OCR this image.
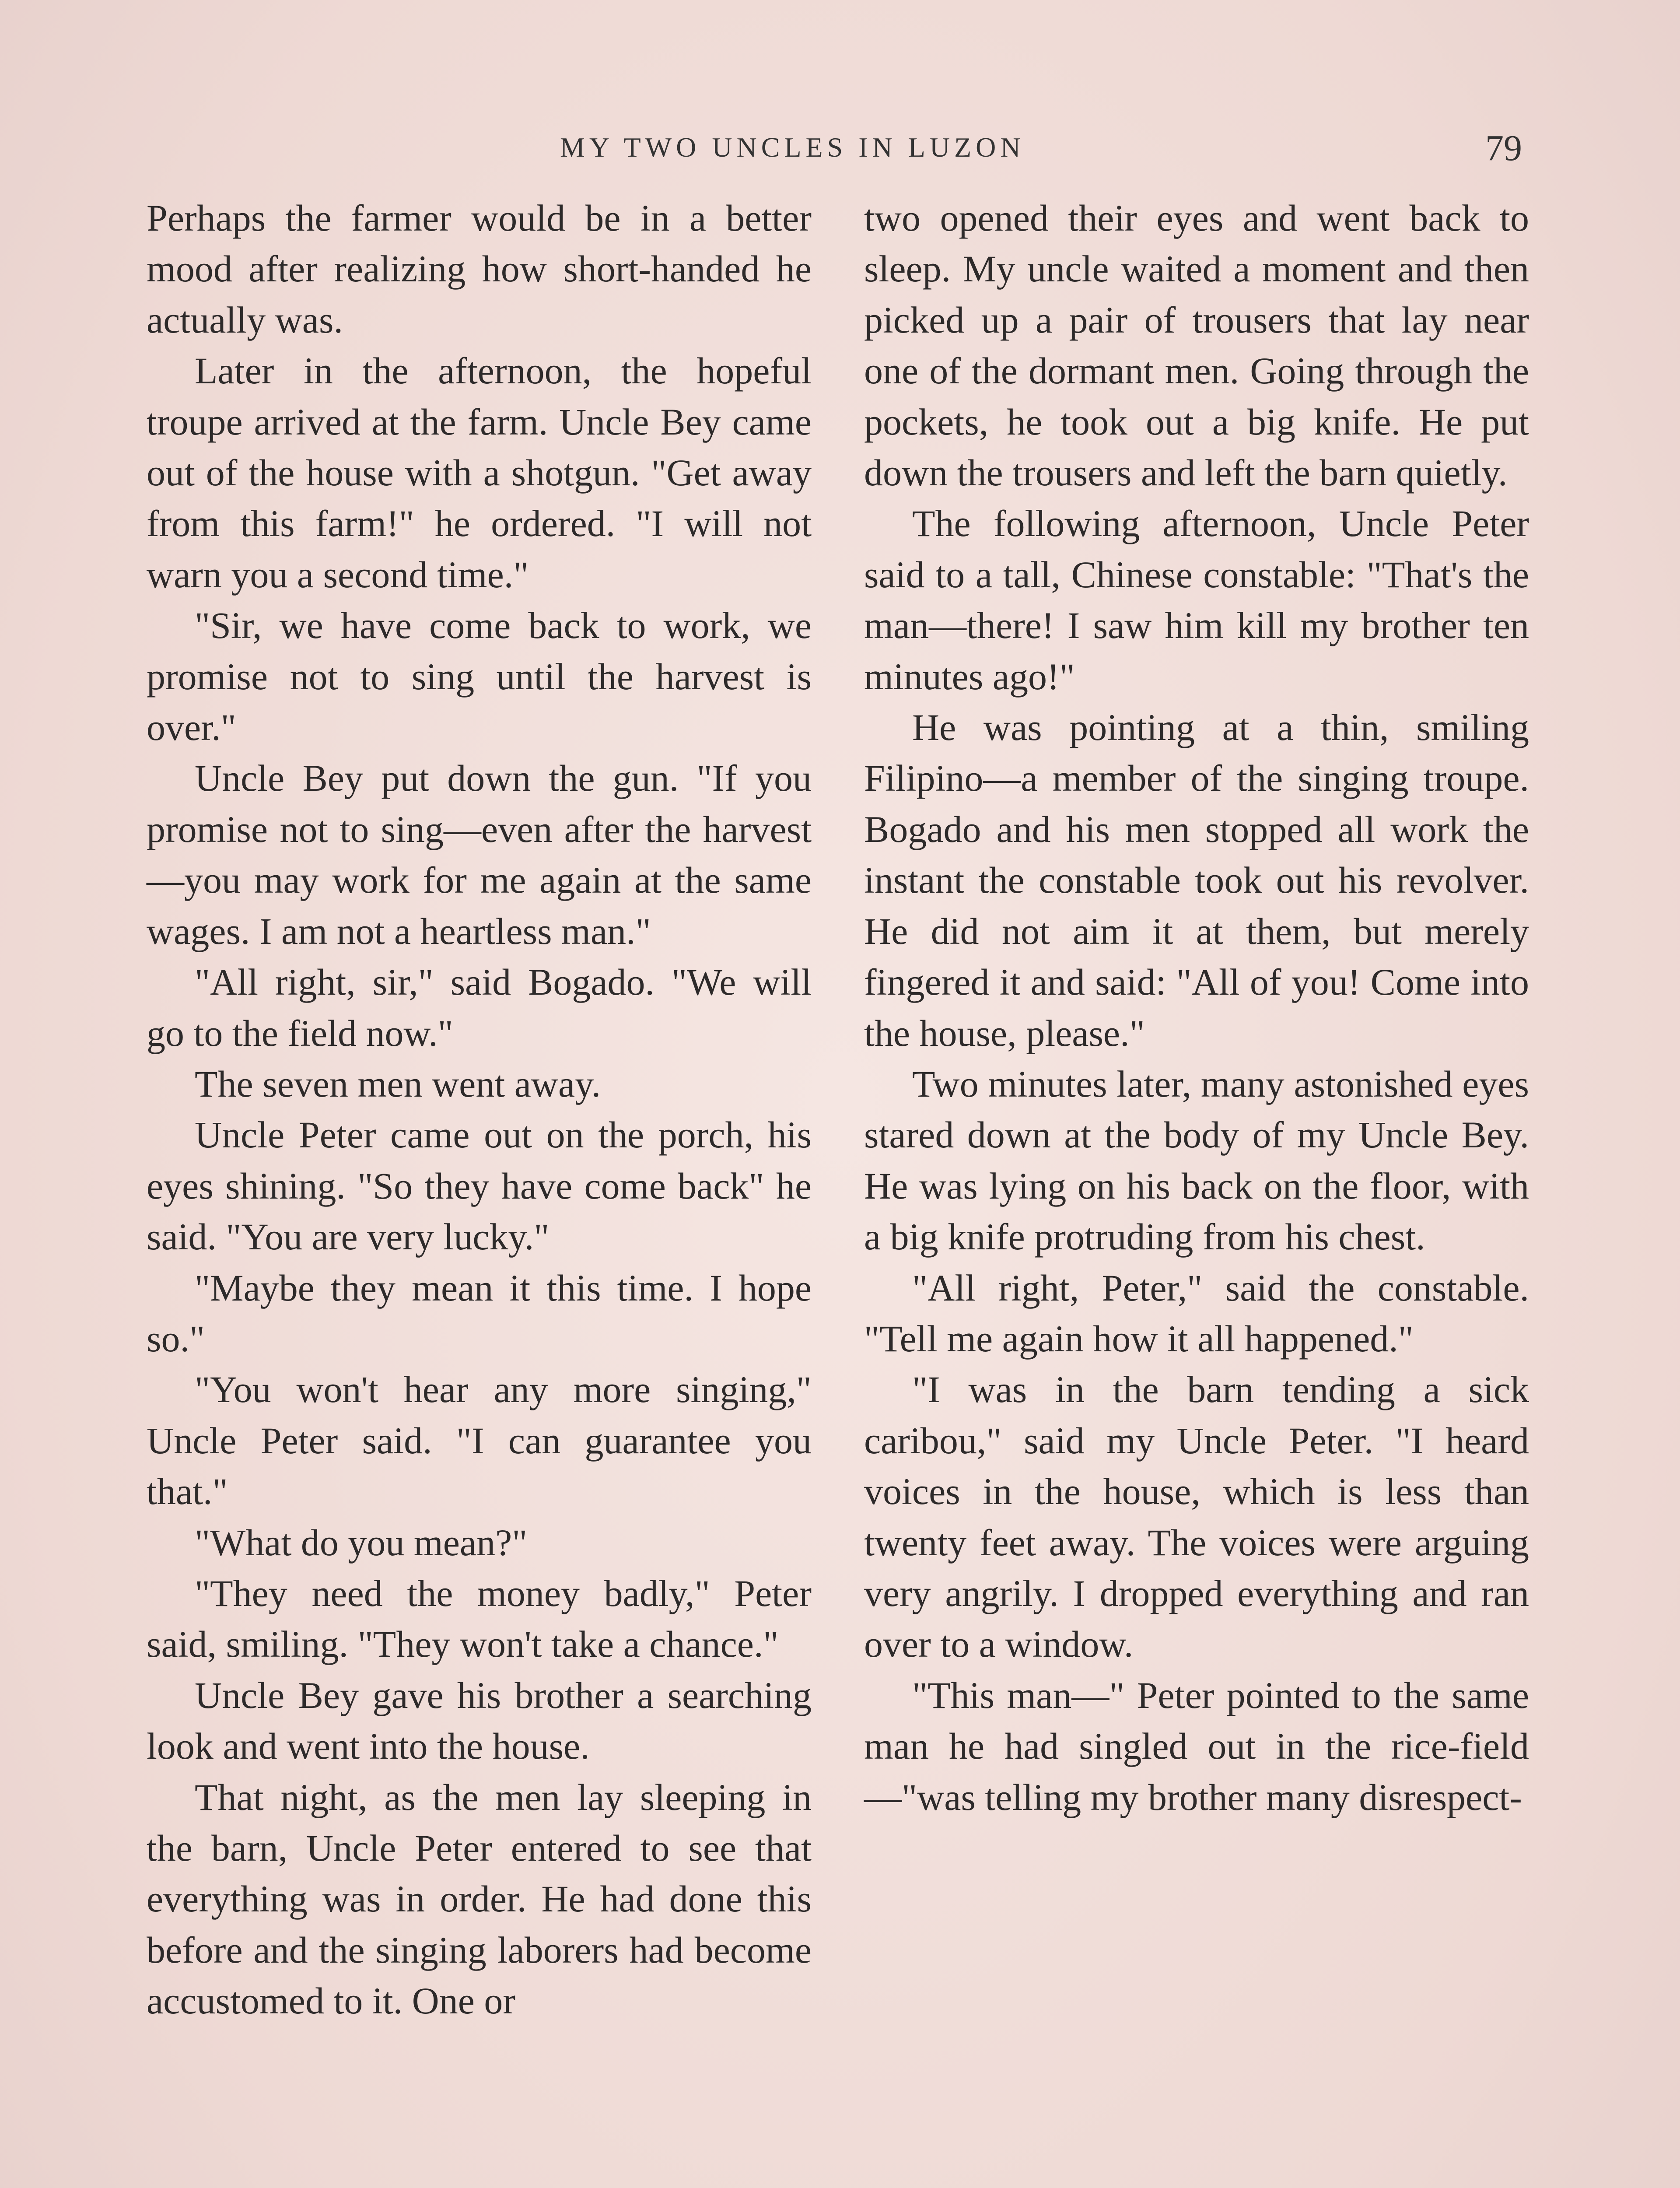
MY TWO UNCLES IN LUZON	79

Perhaps the farmer would be in a better mood after realizing how short-handed he actually was.

Later in the afternoon, the hopeful troupe arrived at the farm. Uncle Bey came out of the house with a shotgun. "Get away from this farm!" he ordered. "I will not warn you a second time."

"Sir, we have come back to work, we promise not to sing until the harvest is over."

Uncle Bey put down the gun. "If you promise not to sing—even after the harvest—you may work for me again at the same wages. I am not a heartless man."

"All right, sir," said Bogado. "We will go to the field now."

The seven men went away.

Uncle Peter came out on the porch, his eyes shining. "So they have come back" he said. "You are very lucky."

"Maybe they mean it this time. I hope so."

"You won't hear any more singing," Uncle Peter said. "I can guarantee you that."

"What do you mean?"

"They need the money badly," Peter said, smiling. "They won't take a chance."

Uncle Bey gave his brother a searching look and went into the house.

That night, as the men lay sleeping in the barn, Uncle Peter entered to see that everything was in order. He had done this before and the singing laborers had become accustomed to it. One or

two opened their eyes and went back to sleep. My uncle waited a moment and then picked up a pair of trousers that lay near one of the dormant men. Going through the pockets, he took out a big knife. He put down the trousers and left the barn quietly.

The following afternoon, Uncle Peter said to a tall, Chinese constable: "That's the man—there! I saw him kill my brother ten minutes ago!"

He was pointing at a thin, smiling Filipino—a member of the singing troupe. Bogado and his men stopped all work the instant the constable took out his revolver. He did not aim it at them, but merely fingered it and said: "All of you! Come into the house, please."

Two minutes later, many astonished eyes stared down at the body of my Uncle Bey. He was lying on his back on the floor, with a big knife protruding from his chest.

"All right, Peter," said the constable. "Tell me again how it all happened."

"I was in the barn tending a sick caribou," said my Uncle Peter. "I heard voices in the house, which is less than twenty feet away. The voices were arguing very angrily. I dropped everything and ran over to a window.

"This man—" Peter pointed to the same man he had singled out in the rice-field—"was telling my brother many disrespect-
